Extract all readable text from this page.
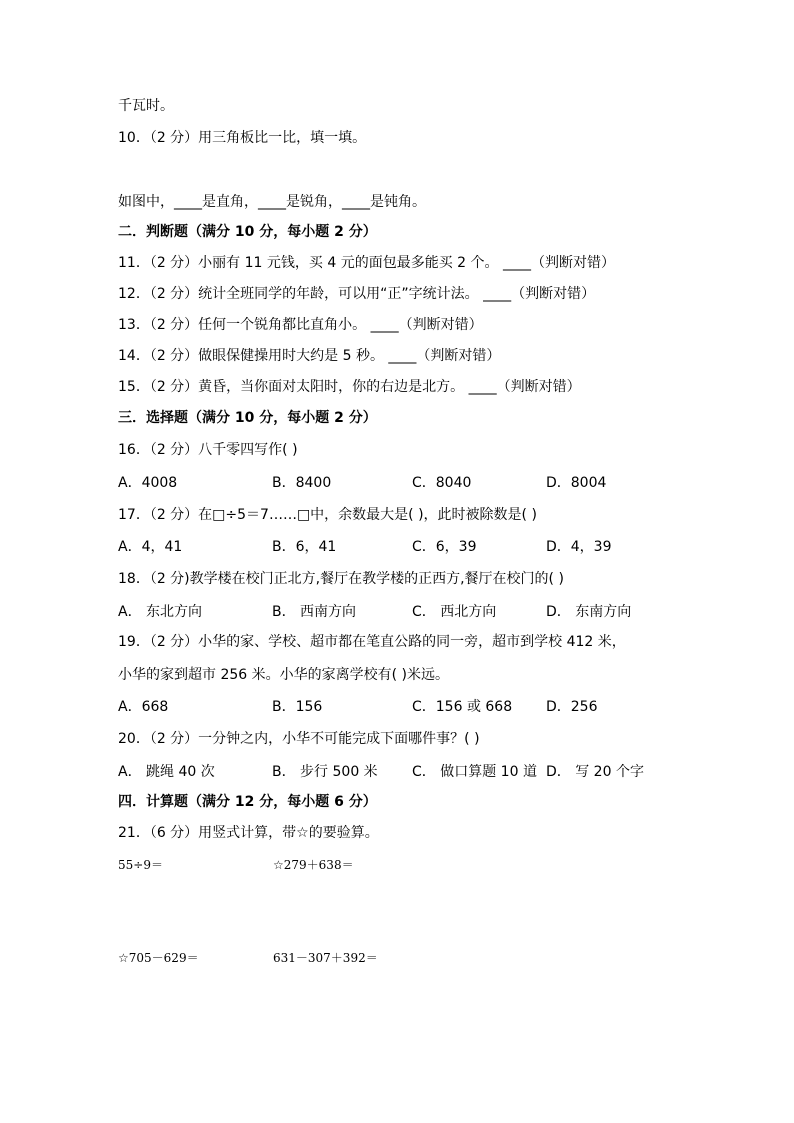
千瓦时。
10．（2 分）用三角板比一比，填一填。
如图中，____是直角，____是锐角，____是钝角。
二．判断题（满分 10 分，每小题 2 分）
11．（2 分）小丽有 11 元钱，买 4 元的面包最多能买 2 个。 ____（判断对错）
12．（2 分）统计全班同学的年龄，可以用“正”字统计法。 ____（判断对错）
13．（2 分）任何一个锐角都比直角小。 ____（判断对错）
14．（2 分）做眼保健操用时大约是 5 秒。 ____（判断对错）
15．（2 分）黄昏，当你面对太阳时，你的右边是北方。 ____（判断对错）
三．选择题（满分 10 分，每小题 2 分）
16．（2 分）八千零四写作( )
A．4008	B．8400	C．8040	D．8004
17．（2 分）在□÷5＝7……□中，余数最大是( )，此时被除数是( )
A．4，41	B．6，41	C．6，39	D．4，39
18．（2 分)教学楼在校门正北方,餐厅在教学楼的正西方,餐厅在校门的( )
A． 东北方向	B． 西南方向	C． 西北方向	D． 东南方向
19．（2 分）小华的家、学校、超市都在笔直公路的同一旁，超市到学校 412 米，
小华的家到超市 256 米。小华的家离学校有( )米远。
A．668	B．156	C．156 或 668 D．256
20．（2 分）一分钟之内，小华不可能完成下面哪件事？( )
A． 跳绳 40 次	B． 步行 500 米 C． 做口算题 10 道 D． 写 20 个字
四．计算题（满分 12 分，每小题 6 分）
21．（6 分）用竖式计算，带☆的要验算。
55÷9＝	☆279＋638＝
☆705－629＝	631－307＋392＝
